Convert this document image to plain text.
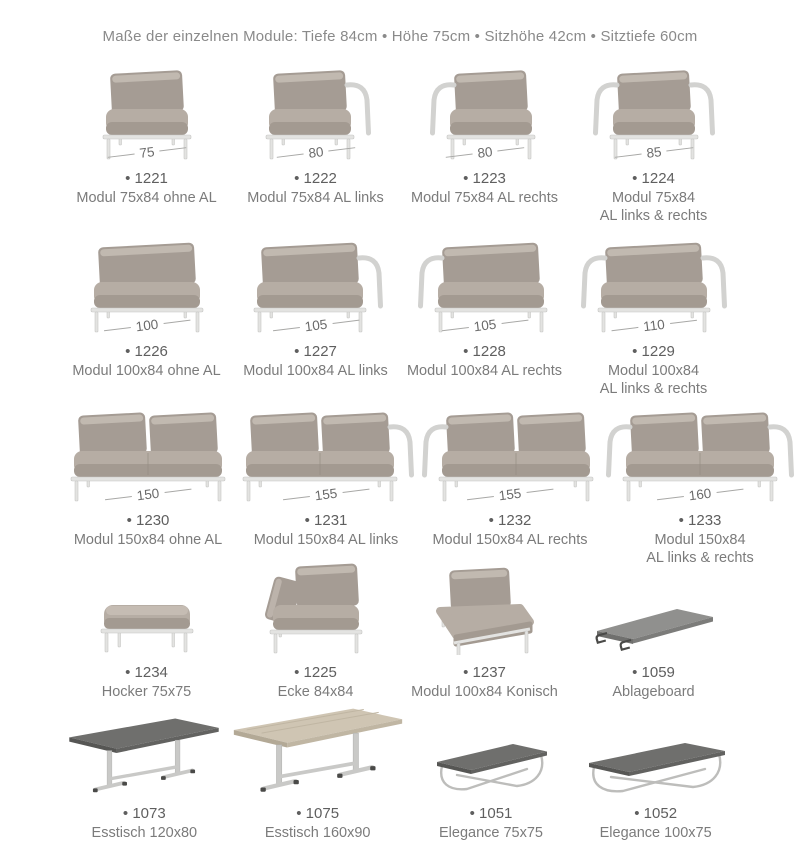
Maße der einzelnen Module: Tiefe 84cm • Höhe 75cm • Sitzhöhe 42cm • Sitztiefe 60cm
75
• 1221
Modul 75x84 ohne AL
80
• 1222
Modul 75x84 AL links
80
• 1223
Modul 75x84 AL rechts
85
• 1224
Modul 75x84
AL links & rechts
100
• 1226
Modul 100x84 ohne AL
105
• 1227
Modul 100x84 AL links
105
• 1228
Modul 100x84 AL rechts
110
• 1229
Modul 100x84
AL links & rechts
150
• 1230
Modul 150x84 ohne AL
155
• 1231
Modul 150x84 AL links
155
• 1232
Modul 150x84 AL rechts
160
• 1233
Modul 150x84
AL links & rechts
• 1234
Hocker 75x75
• 1225
Ecke 84x84
• 1237
Modul 100x84 Konisch
• 1059
Ablageboard
• 1073
Esstisch 120x80
• 1075
Esstisch 160x90
• 1051
Elegance 75x75
• 1052
Elegance 100x75
